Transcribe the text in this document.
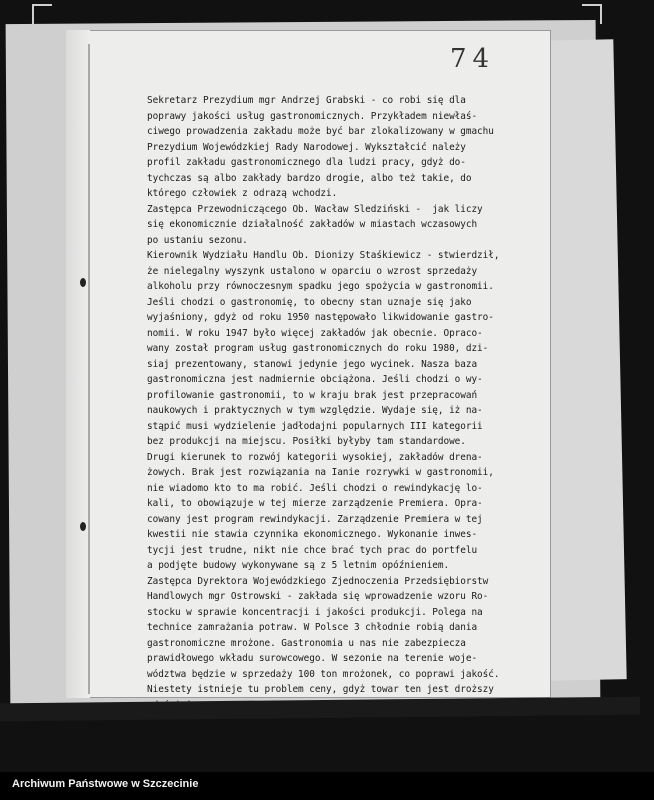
74
Sekretarz Prezydium mgr Andrzej Grabski - co robi się dla
poprawy jakości usług gastronomicznych. Przykładem niewłaś-
ciwego prowadzenia zakładu może być bar zlokalizowany w gmachu
Prezydium Wojewódzkiej Rady Narodowej. Wykształcić należy
profil zakładu gastronomicznego dla ludzi pracy, gdyż do-
tychczas są albo zakłady bardzo drogie, albo też takie, do
którego człowiek z odrazą wchodzi.
Zastępca Przewodniczącego Ob. Wacław Sledziński -  jak liczy
się ekonomicznie działalność zakładów w miastach wczasowych
po ustaniu sezonu.
Kierownik Wydziału Handlu Ob. Dionizy Staśkiewicz - stwierdził,
że nielegalny wyszynk ustalono w oparciu o wzrost sprzedaży
alkoholu przy równoczesnym spadku jego spożycia w gastronomii.
Jeśli chodzi o gastronomię, to obecny stan uznaje się jako
wyjaśniony, gdyż od roku 1950 następowało likwidowanie gastro-
nomii. W roku 1947 było więcej zakładów jak obecnie. Opraco-
wany został program usług gastronomicznych do roku 1980, dzi-
siaj prezentowany, stanowi jedynie jego wycinek. Nasza baza
gastronomiczna jest nadmiernie obciążona. Jeśli chodzi o wy-
profilowanie gastronomii, to w kraju brak jest przepracowań
naukowych i praktycznych w tym względzie. Wydaje się, iż na-
stąpić musi wydzielenie jadłodajni popularnych III kategorii
bez produkcji na miejscu. Posiłki byłyby tam standardowe.
Drugi kierunek to rozwój kategorii wysokiej, zakładów drena-
żowych. Brak jest rozwiązania na Ianie rozrywki w gastronomii,
nie wiadomo kto to ma robić. Jeśli chodzi o rewindykację lo-
kali, to obowiązuje w tej mierze zarządzenie Premiera. Opra-
cowany jest program rewindykacji. Zarządzenie Premiera w tej
kwestii nie stawia czynnika ekonomicznego. Wykonanie inwes-
tycji jest trudne, nikt nie chce brać tych prac do portfelu
a podjęte budowy wykonywane są z 5 letnim opóźnieniem.
Zastępca Dyrektora Wojewódzkiego Zjednoczenia Przedsiębiorstw
Handlowych mgr Ostrowski - zakłada się wprowadzenie wzoru Ro-
stocku w sprawie koncentracji i jakości produkcji. Polega na
technice zamrażania potraw. W Polsce 3 chłodnie robią dania
gastronomiczne mrożone. Gastronomia u nas nie zabezpiecza
prawidłowego wkładu surowcowego. W sezonie na terenie woje-
wództwa będzie w sprzedaży 100 ton mrożonek, co poprawi jakość.
Niestety istnieje tu problem ceny, gdyż towar ten jest droższy
Archiwum Państwowe w Szczecinie
